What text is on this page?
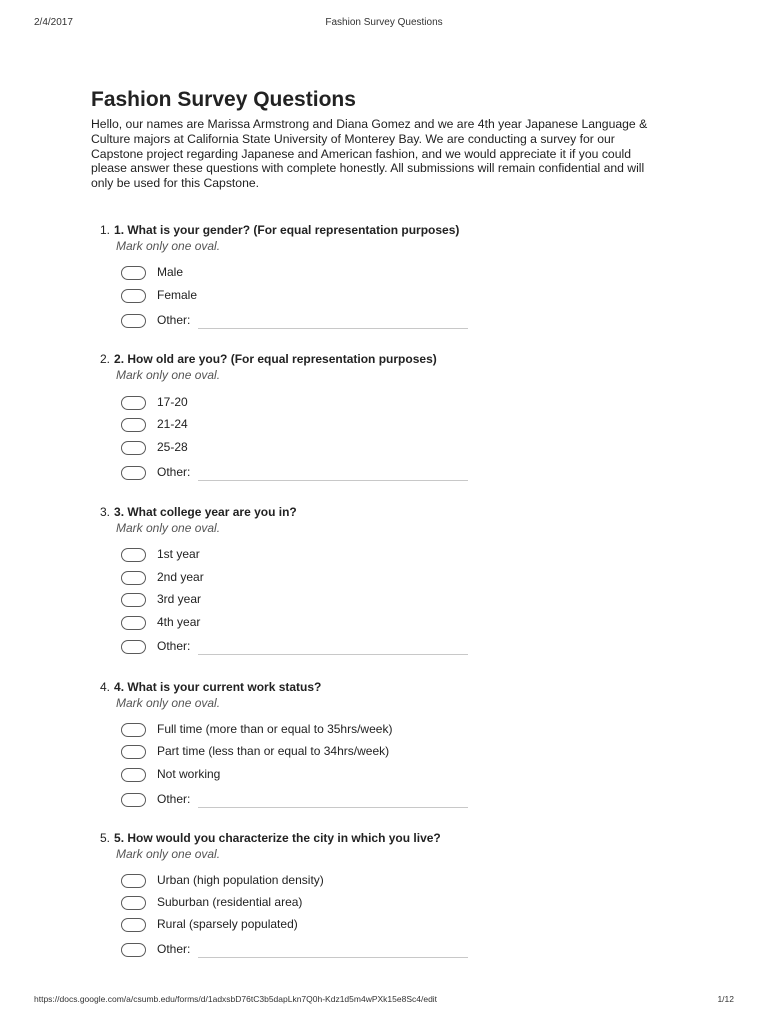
2/4/2017	Fashion Survey Questions
Fashion Survey Questions
Hello, our names are Marissa Armstrong and Diana Gomez and we are 4th year Japanese Language & Culture majors at California State University of Monterey Bay. We are conducting a survey for our Capstone project regarding Japanese and American fashion, and we would appreciate it if you could please answer these questions with complete honestly. All submissions will remain confidential and will only be used for this Capstone.
1. 1. What is your gender? (For equal representation purposes)
Mark only one oval.
Male
Female
Other:
2. 2. How old are you? (For equal representation purposes)
Mark only one oval.
17-20
21-24
25-28
Other:
3. 3. What college year are you in?
Mark only one oval.
1st year
2nd year
3rd year
4th year
Other:
4. 4. What is your current work status?
Mark only one oval.
Full time (more than or equal to 35hrs/week)
Part time (less than or equal to 34hrs/week)
Not working
Other:
5. 5. How would you characterize the city in which you live?
Mark only one oval.
Urban (high population density)
Suburban (residential area)
Rural (sparsely populated)
Other:
https://docs.google.com/a/csumb.edu/forms/d/1adxsbD76tC3b5dapLkn7Q0h-Kdz1d5m4wPXk15e8Sc4/edit	1/12
